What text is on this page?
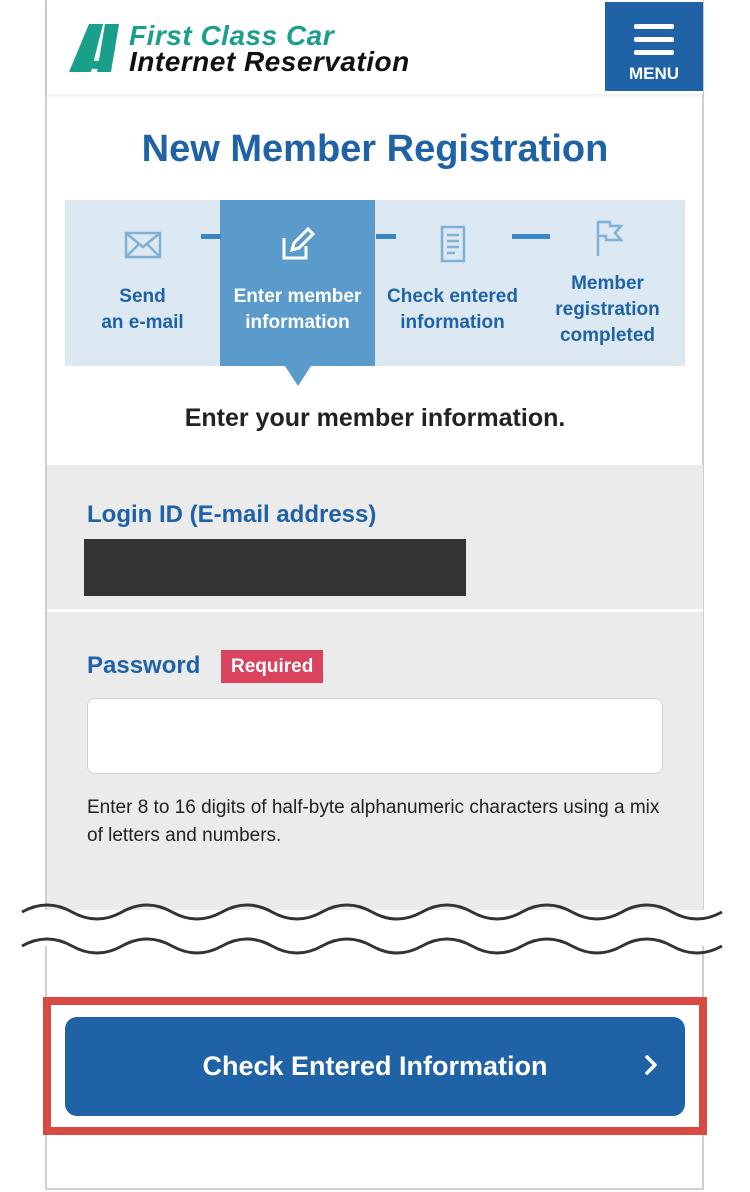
First Class Car
Internet Reservation	MENU
New Member Registration
Send
an e-mail
Enter member
information
Check entered
information
Member
registration
completed
Enter your member information.
Login ID (E-mail address)
Password	Required
Enter 8 to 16 digits of half-byte alphanumeric characters using a mix of letters and numbers.
Check Entered Information
